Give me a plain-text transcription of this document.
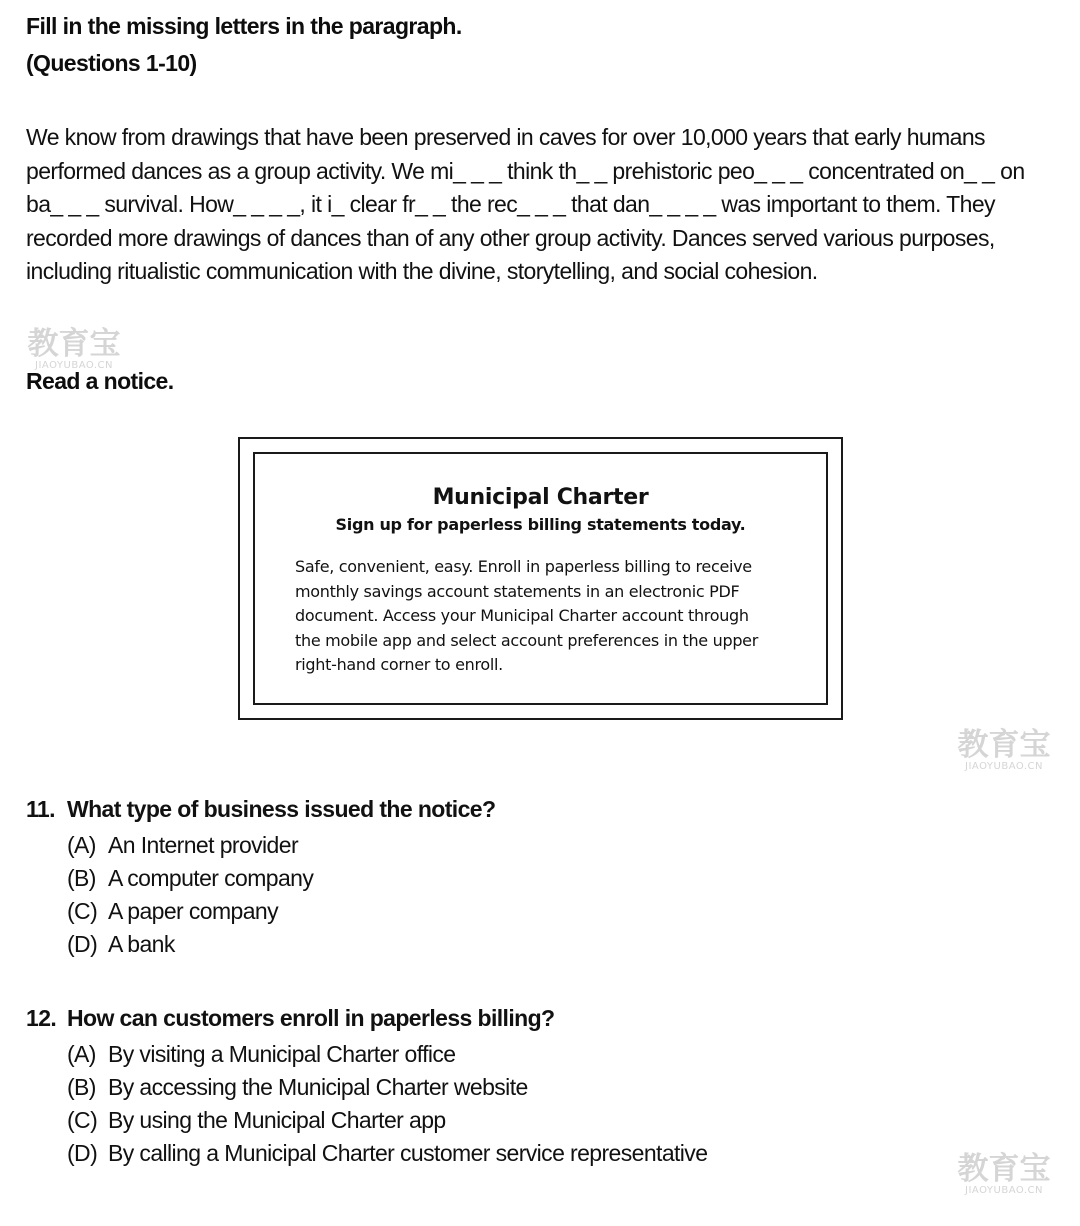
Fill in the missing letters in the paragraph.
(Questions 1-10)
We know from drawings that have been preserved in caves for over 10,000 years that early humans
performed dances as a group activity. We mi_ _ _ think th_ _ prehistoric peo_ _ _ concentrated on_ _ on
ba_ _ _ survival. How_ _ _ _, it i_ clear fr_ _ the rec_ _ _ that dan_ _ _ _ was important to them. They
recorded more drawings of dances than of any other group activity. Dances served various purposes,
including ritualistic communication with the divine, storytelling, and social cohesion.
教育宝
JIAOYUBAO.CN
Read a notice.
Municipal Charter
Sign up for paperless billing statements today.
Safe, convenient, easy. Enroll in paperless billing to receive
monthly savings account statements in an electronic PDF
document. Access your Municipal Charter account through
the mobile app and select account preferences in the upper
right-hand corner to enroll.
教育宝
JIAOYUBAO.CN
11. What type of business issued the notice?
(A) An Internet provider
(B) A computer company
(C) A paper company
(D) A bank
12. How can customers enroll in paperless billing?
(A) By visiting a Municipal Charter office
(B) By accessing the Municipal Charter website
(C) By using the Municipal Charter app
(D) By calling a Municipal Charter customer service representative	教育宝
JIAOYUBAO.CN
